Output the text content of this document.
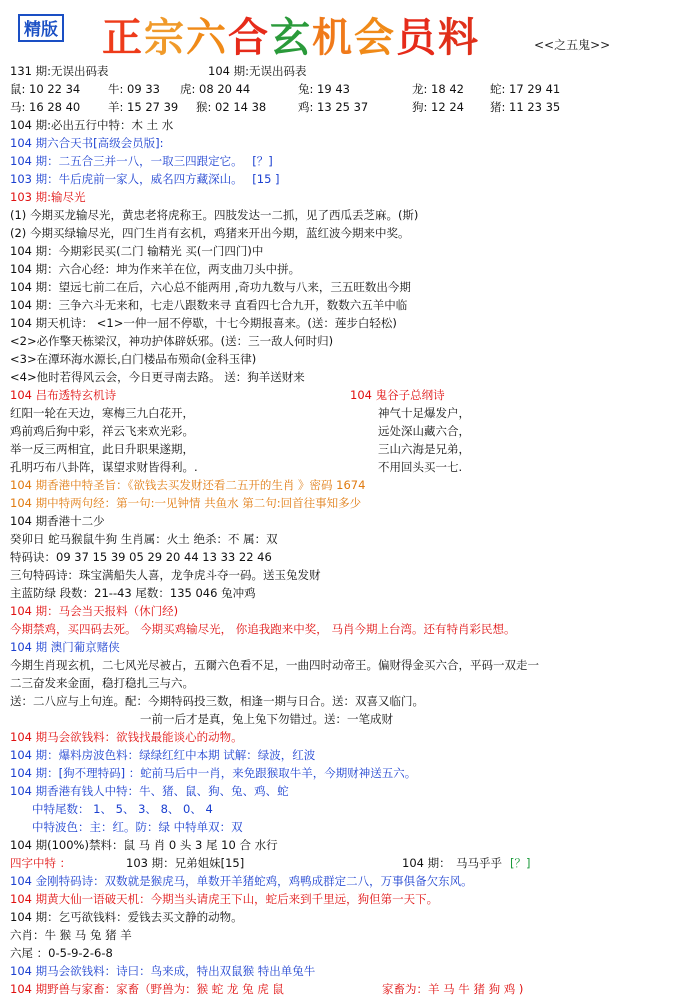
精版 正宗六合玄机会员料	<<之五鬼>>
131 期:无误出码表	104 期:无误出码表
鼠: 10 22 34 牛: 09 33 虎: 08 20 44	兔: 19 43	龙: 18 42 蛇: 17 29 41
马: 16 28 40 羊: 15 27 39 猴: 02 14 38	鸡: 13 25 37	狗: 12 24 猪: 11 23 35
104 期:必出五行中特：木 土 水
104 期六合天书[高级会员版]:
104 期：二五合三并一八，一取三四跟定它。 [？]
103 期：牛后虎前一家人，威名四方藏深山。 [15 ]
103 期:输尽光
(1) 今期买龙输尽光，黄忠老将虎称王。四肢发达一二抓，见了西瓜丢芝麻。(斯)
(2) 今期买绿输尽光，四门生肖有玄机，鸡猪来开出今期，蓝红波今期来中奖。
104 期：今期彩民买(二门 输精光 买(一门四门)中
104 期：六合心经：坤为作来羊在位，两支曲刀头中拼。
104 期：望远七前二在后，六心总不能两用 ,奇功九数与八来，三五旺数出今期
104 期：三争六斗无来和，七走八跟数来寻 直看四七合九开，数数六五羊中临
104 期天机诗： <1>一仲一屈不停歇，十七今期报喜来。(送：莲步白轻松)
<2>必作擎天栋梁汉，神功护体辟妖邪。(送：三一敌人何时归)
<3>在潭环海水源长,白门楼品布殒命(金科玉律)
<4>他时若得风云会，今日更寻南去路。 送：狗羊送财来
104 吕布透特玄机诗	104 鬼谷子总纲诗
红阳一轮在天边，寒梅三九白花开，	神气十足爆发户，
鸡前鸡后狗中彩，祥云飞来欢光彩。	远处深山藏六合，
举一反三两相宜，此日升职果遂期，	三山六海是兄弟，
孔明巧布八卦阵，谋望求财皆得利。.	不用回头买一七.
104 期香港中特圣旨：《欲钱去买发财还看二五开的生肖 》密码 1674
104 期中特两句经：第一句:一见钟情 共鱼水 第二句:回首往事知多少
104 期香港十二少
癸卯日 蛇马猴鼠牛狗 生肖属：火土 绝杀：不 属：双
特码诀：09 37 15 39 05 29 20 44 13 33 22 46
三句特码诗：珠宝满船失人喜，龙争虎斗夺一码。送玉兔发财
主蓝防绿 段数：21--43 尾数：135 046 兔冲鸡
104 期：马会当天报料（休门经)
今期禁鸡，买四码去死。 今期买鸡输尽光， 你追我跑来中奖， 马肖今期上台湾。还有特肖彩民想。
104 期 澳门葡京赌侠
今期生肖现玄机，二七风光尽被占，五爾六色看不足，一曲四时动帝王。偏财得金买六合，平码一双走一
二三奋发来金面，稳打稳扎三与六。
送：二八应与上句连。配：今期特码投三数，相逢一期与日合。送：双喜又临门。
一前一后才是真，兔上兔下勿错过。送：一笔成财
104 期马会欲钱料：欲钱找最能谈心的动物。
104 期：爆料房波色料：绿绿红红中本期 试解：绿波，红波
104 期：[狗不理特码] ：蛇前马后中一肖，来免跟猴取牛羊，今期财神送五六。
104 期香港有钱人中特：牛、猪、鼠、狗、兔、鸡、蛇
中特尾数： 1、 5、 3、 8、 0、 4
中特波色：主：红。防：绿 中特单双：双
104 期(100%)禁料：鼠 马 肖 0 头 3 尾 10 合 水行
四字中特 ：	103 期：兄弟姐妹[15]	104 期： 马马乎乎 [？]
104 金刚特码诗：双数就是猴虎马，单数开羊猪蛇鸡，鸡鸭成群定二八，万事俱备欠东风。
104 期黄大仙一语破天机：今期当头请虎王下山，蛇后来到千里远，狗但第一天下。
104 期：乞丐欲钱料：爱钱去买文静的动物。
六肖：牛 猴 马 兔 猪 羊
六尾 ：0-5-9-2-6-8
104 期马会欲钱料：诗曰：鸟来成，特出双鼠猴 特出单兔牛
104 期野兽与家畜：家畜（野兽为：猴 蛇 龙 兔 虎 鼠	家畜为：羊 马 牛 猪 狗 鸡 )
